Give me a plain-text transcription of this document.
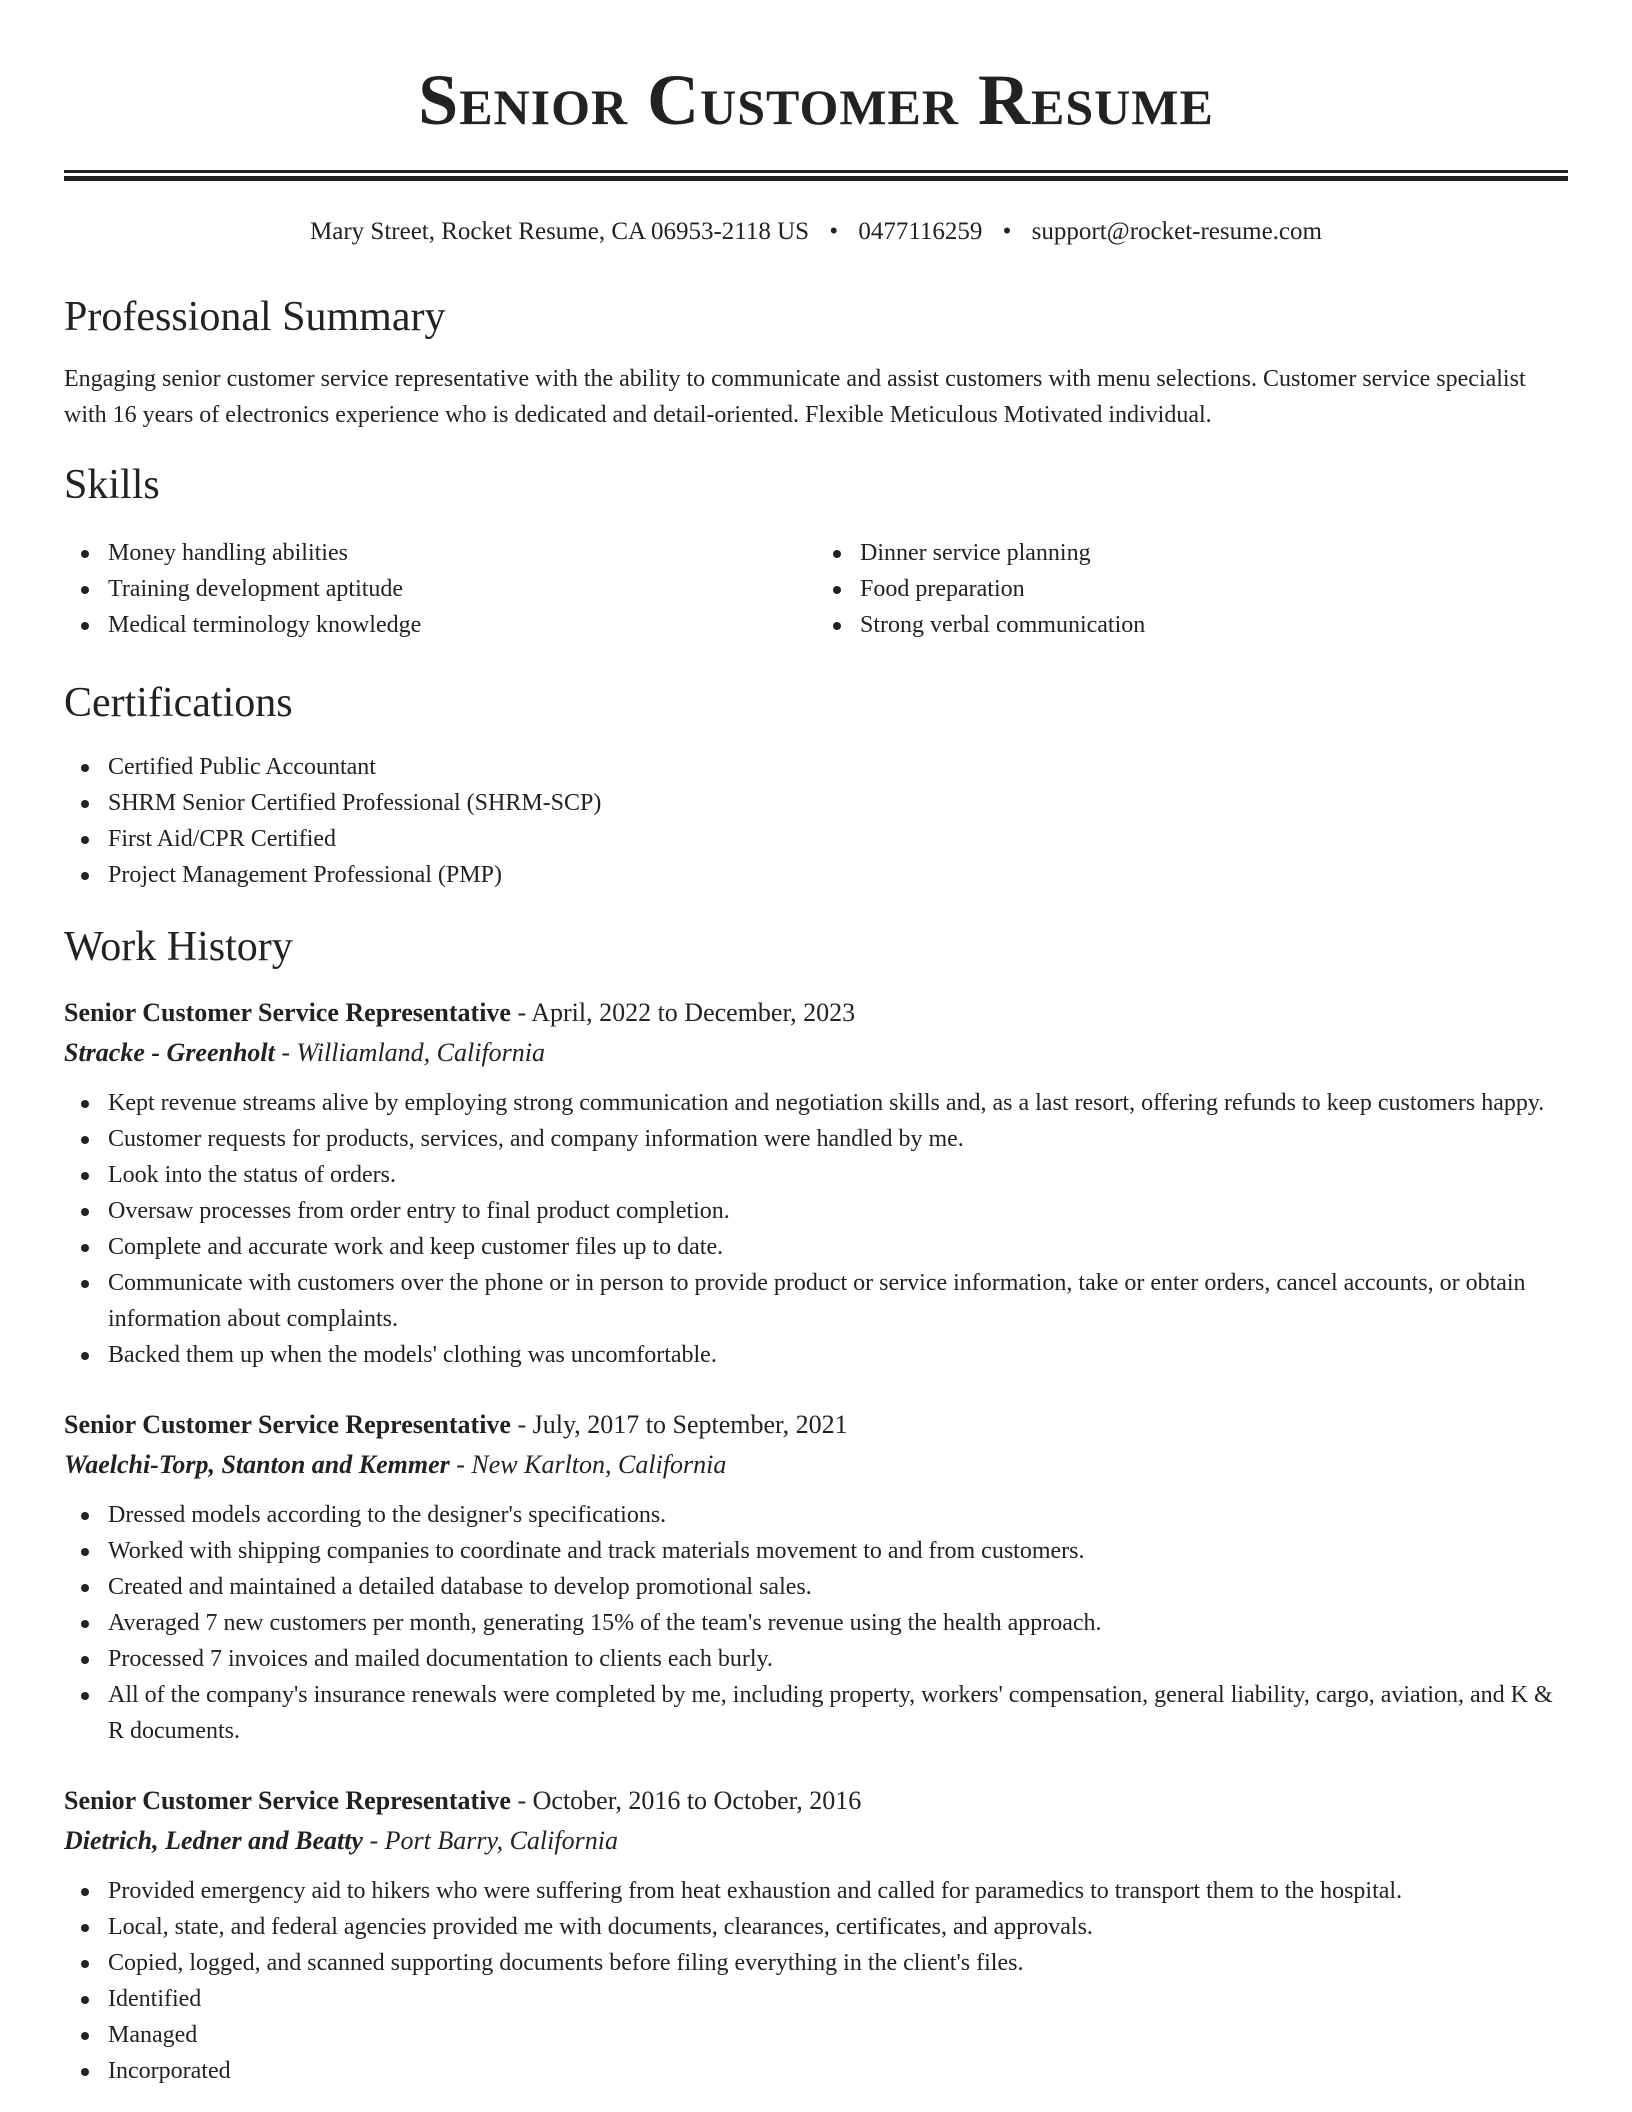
Senior Customer Resume
Mary Street, Rocket Resume, CA 06953-2118 US • 0477116259 • support@rocket-resume.com
Professional Summary

Engaging senior customer service representative with the ability to communicate and assist customers with menu selections. Customer service specialist with 16 years of electronics experience who is dedicated and detail-oriented. Flexible Meticulous Motivated individual.

Skills
Money handling abilities
Training development aptitude
Medical terminology knowledge
Dinner service planning
Food preparation
Strong verbal communication
Certifications
Certified Public Accountant
SHRM Senior Certified Professional (SHRM-SCP)
First Aid/CPR Certified
Project Management Professional (PMP)
Work History
Senior Customer Service Representative - April, 2022 to December, 2023
Stracke - Greenholt - Williamland, California
Kept revenue streams alive by employing strong communication and negotiation skills and, as a last resort, offering refunds to keep customers happy.
Customer requests for products, services, and company information were handled by me.
Look into the status of orders.
Oversaw processes from order entry to final product completion.
Complete and accurate work and keep customer files up to date.
Communicate with customers over the phone or in person to provide product or service information, take or enter orders, cancel accounts, or obtain information about complaints.
Backed them up when the models' clothing was uncomfortable.
Senior Customer Service Representative - July, 2017 to September, 2021
Waelchi-Torp, Stanton and Kemmer - New Karlton, California
Dressed models according to the designer's specifications.
Worked with shipping companies to coordinate and track materials movement to and from customers.
Created and maintained a detailed database to develop promotional sales.
Averaged 7 new customers per month, generating 15% of the team's revenue using the health approach.
Processed 7 invoices and mailed documentation to clients each burly.
All of the company's insurance renewals were completed by me, including property, workers' compensation, general liability, cargo, aviation, and K & R documents.
Senior Customer Service Representative - October, 2016 to October, 2016
Dietrich, Ledner and Beatty - Port Barry, California
Provided emergency aid to hikers who were suffering from heat exhaustion and called for paramedics to transport them to the hospital.
Local, state, and federal agencies provided me with documents, clearances, certificates, and approvals.
Copied, logged, and scanned supporting documents before filing everything in the client's files.
Identified
Managed
Incorporated
